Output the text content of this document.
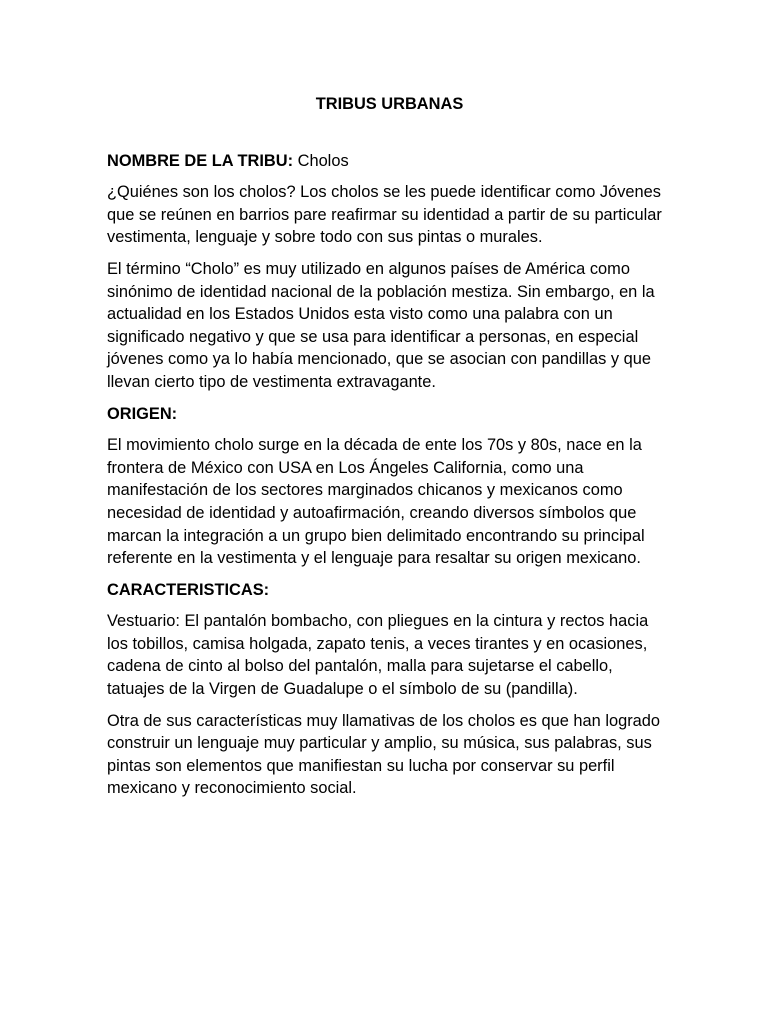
TRIBUS URBANAS

NOMBRE DE LA TRIBU: Cholos

¿Quiénes son los cholos? Los cholos se les puede identificar como Jóvenes que se reúnen en barrios pare reafirmar su identidad a partir de su particular vestimenta, lenguaje y sobre todo con sus pintas o murales.

El término “Cholo” es muy utilizado en algunos países de América como sinónimo de identidad nacional de la población mestiza. Sin embargo, en la actualidad en los Estados Unidos esta visto como una palabra con un significado negativo y que se usa para identificar a personas, en especial jóvenes como ya lo había mencionado, que se asocian con pandillas y que llevan cierto tipo de vestimenta extravagante.

ORIGEN:

El movimiento cholo surge en la década de ente los 70s y 80s, nace en la frontera de México con USA en Los Ángeles California, como una manifestación de los sectores marginados chicanos y mexicanos como necesidad de identidad y autoafirmación, creando diversos símbolos que marcan la integración a un grupo bien delimitado encontrando su principal referente en la vestimenta y el lenguaje para resaltar su origen mexicano.

CARACTERISTICAS:

Vestuario: El pantalón bombacho, con pliegues en la cintura y rectos hacia los tobillos, camisa holgada, zapato tenis, a veces tirantes y en ocasiones, cadena de cinto al bolso del pantalón, malla para sujetarse el cabello, tatuajes de la Virgen de Guadalupe o el símbolo de su (pandilla).

Otra de sus características muy llamativas de los cholos es que han logrado construir un lenguaje muy particular y amplio, su música, sus palabras, sus pintas son elementos que manifiestan su lucha por conservar su perfil mexicano y reconocimiento social.
